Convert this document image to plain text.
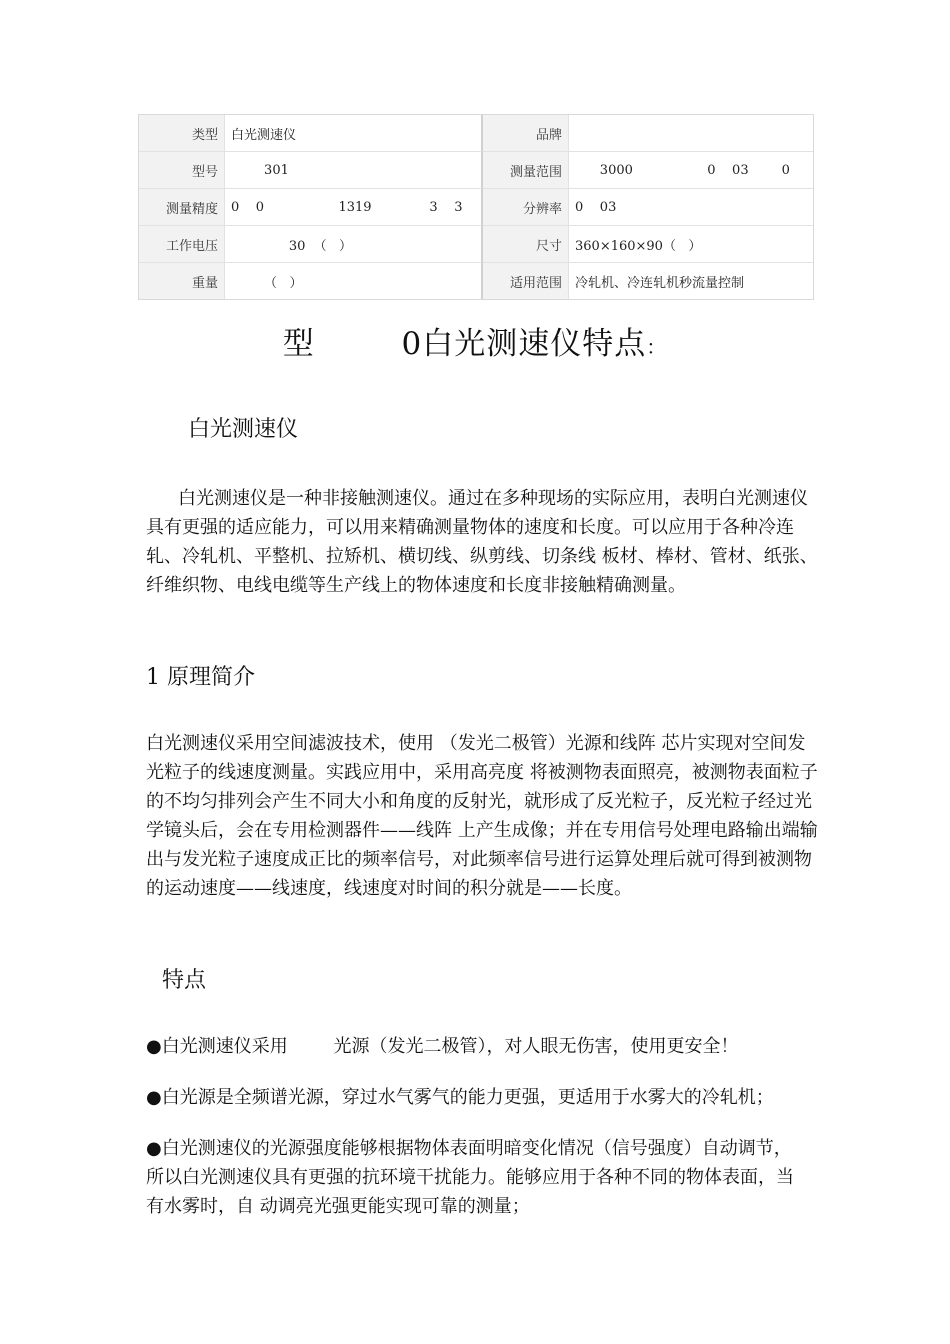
类型	白光测速仪	品牌	
型号	301	测量范围	3000                  0    03        0
测量精度	0    0                  1319              3    3	分辨率	0    03
工作电压	30  （   ）	尺寸	360×160×90（   ）
重量	（   ）	适用范围	冷轧机、冷连轧机秒流量控制
型        0白光测速仪特点：
白光测速仪

白光测速仪是一种非接触测速仪。通过在多种现场的实际应用，表明白光测速仪具有更强的适应能力，可以用来精确测量物体的速度和长度。可以应用于各种冷连轧、冷轧机、平整机、拉矫机、横切线、纵剪线、切条线 板材、棒材、管材、纸张、纤维织物、电线电缆等生产线上的物体速度和长度非接触精确测量。

1 原理简介

白光测速仪采用空间滤波技术，使用 （发光二极管）光源和线阵 芯片实现对空间发光粒子的线速度测量。实践应用中，采用高亮度 将被测物表面照亮，被测物表面粒子的不均匀排列会产生不同大小和角度的反射光，就形成了反光粒子，反光粒子经过光学镜头后，会在专用检测器件——线阵 上产生成像；并在专用信号处理电路输出端输出与发光粒子速度成正比的频率信号，对此频率信号进行运算处理后就可得到被测物的运动速度——线速度，线速度对时间的积分就是——长度。

特点

●白光测速仪采用        光源（发光二极管），对人眼无伤害，使用更安全！

●白光源是全频谱光源，穿过水气雾气的能力更强，更适用于水雾大的冷轧机；

●白光测速仪的光源强度能够根据物体表面明暗变化情况（信号强度）自动调节，所以白光测速仪具有更强的抗环境干扰能力。能够应用于各种不同的物体表面，当有水雾时，自 动调亮光强更能实现可靠的测量；
